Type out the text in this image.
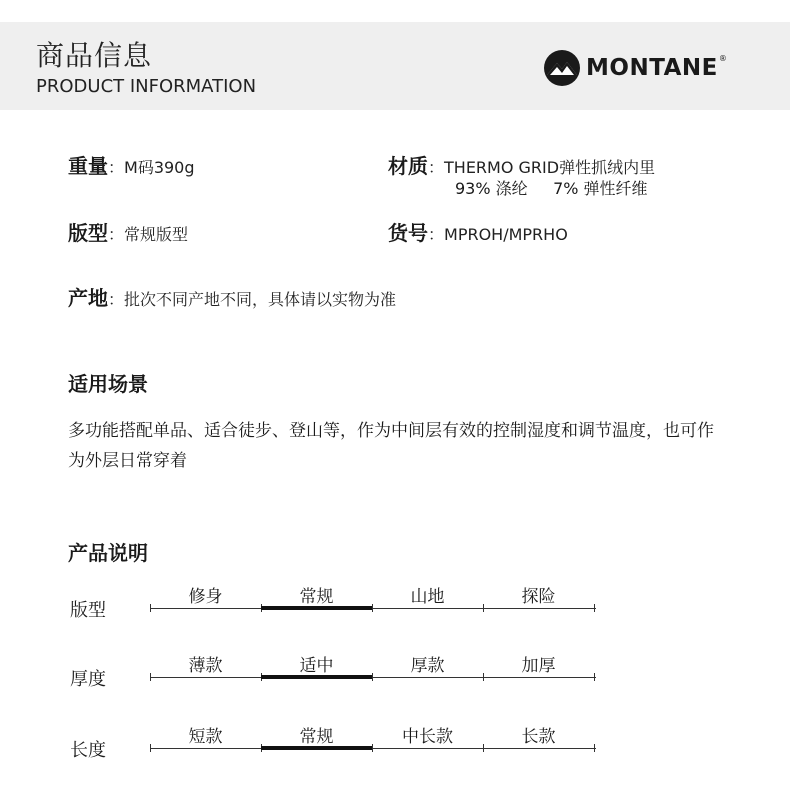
商品信息
PRODUCT INFORMATION
MONTANE ®
重量：M码390g	材质：THERMO GRID弹性抓绒内里
93% 涤纶     7% 弹性纤维
版型：常规版型	货号：MPROH/MPRHO
产地：批次不同产地不同，具体请以实物为准
适用场景
多功能搭配单品、适合徒步、登山等，作为中间层有效的控制湿度和调节温度，也可作为外层日常穿着
产品说明
版型
修身	常规	山地	探险
厚度
薄款	适中	厚款	加厚
长度
短款	常规	中长款	长款
